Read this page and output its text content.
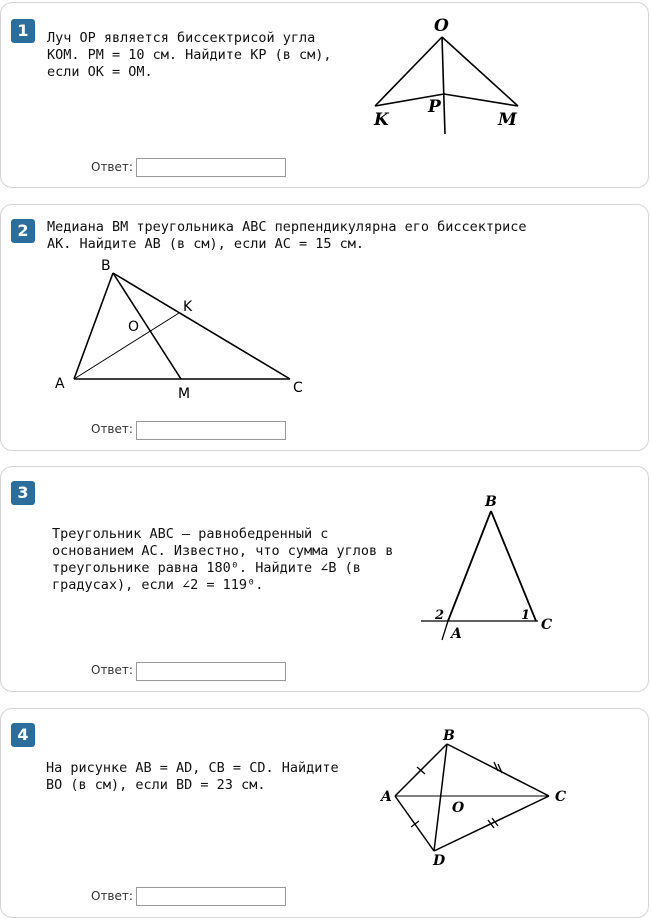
1	Луч OP является биссектрисой угла
KOM. PM = 10 см. Найдите KP (в см),
если OK = OM.
O
P
K	M
Ответ:
2	Медиана BM треугольника ABC перпендикулярна его биссектрисе
AK. Найдите AB (в см), если AC = 15 см.
B
K
O
A
M	C
Ответ:
3
Треугольник ABC – равнобедренный с
основанием AC. Известно, что сумма углов в
треугольнике равна 180⁰. Найдите ∠B (в
градусах), если ∠2 = 119⁰.
B
2	1
A
C
Ответ:
4
На рисунке AB = AD, CB = CD. Найдите
BO (в см), если BD = 23 см.
B
A
O
C
D
Ответ:
